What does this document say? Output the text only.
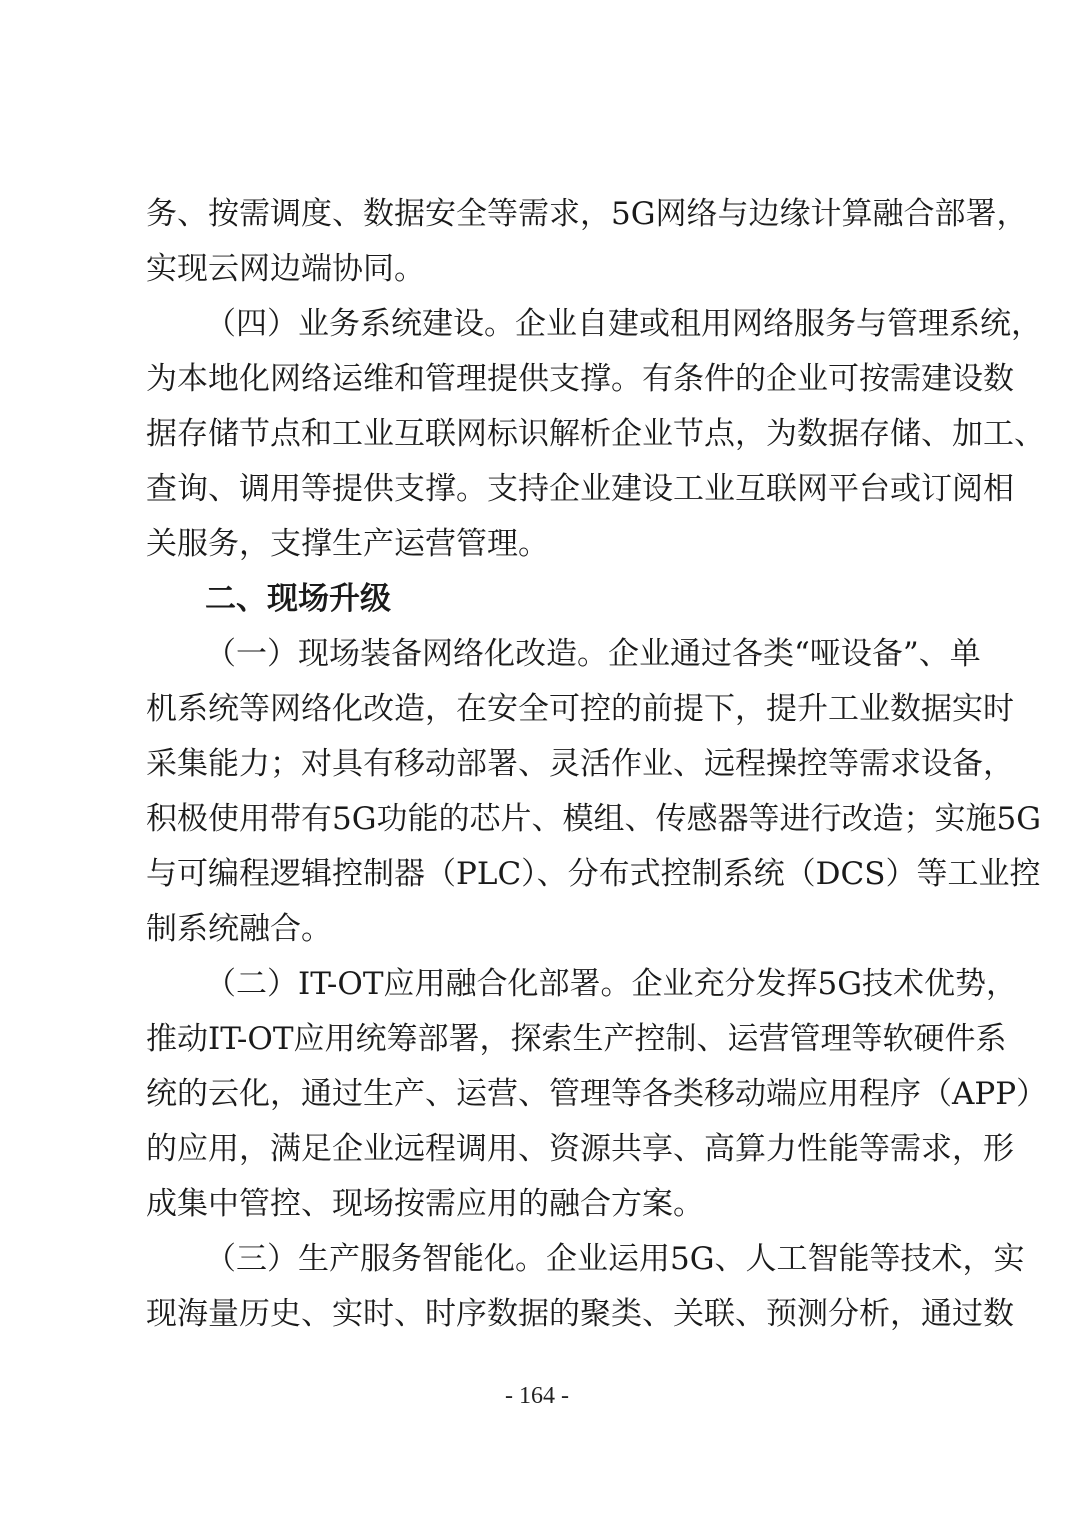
务、按需调度、数据安全等需求，5G网络与边缘计算融合部署，
实现云网边端协同。
（四）业务系统建设。企业自建或租用网络服务与管理系统，
为本地化网络运维和管理提供支撑。有条件的企业可按需建设数
据存储节点和工业互联网标识解析企业节点，为数据存储、加工、
查询、调用等提供支撑。支持企业建设工业互联网平台或订阅相
关服务，支撑生产运营管理。
二、现场升级
（一）现场装备网络化改造。企业通过各类“哑设备”、单
机系统等网络化改造，在安全可控的前提下，提升工业数据实时
采集能力；对具有移动部署、灵活作业、远程操控等需求设备，
积极使用带有5G功能的芯片、模组、传感器等进行改造；实施5G
与可编程逻辑控制器（PLC）、分布式控制系统（DCS）等工业控
制系统融合。
（二）IT-OT应用融合化部署。企业充分发挥5G技术优势，
推动IT-OT应用统筹部署，探索生产控制、运营管理等软硬件系
统的云化，通过生产、运营、管理等各类移动端应用程序（APP）
的应用，满足企业远程调用、资源共享、高算力性能等需求，形
成集中管控、现场按需应用的融合方案。
（三）生产服务智能化。企业运用5G、人工智能等技术，实
现海量历史、实时、时序数据的聚类、关联、预测分析，通过数
- 164 -
